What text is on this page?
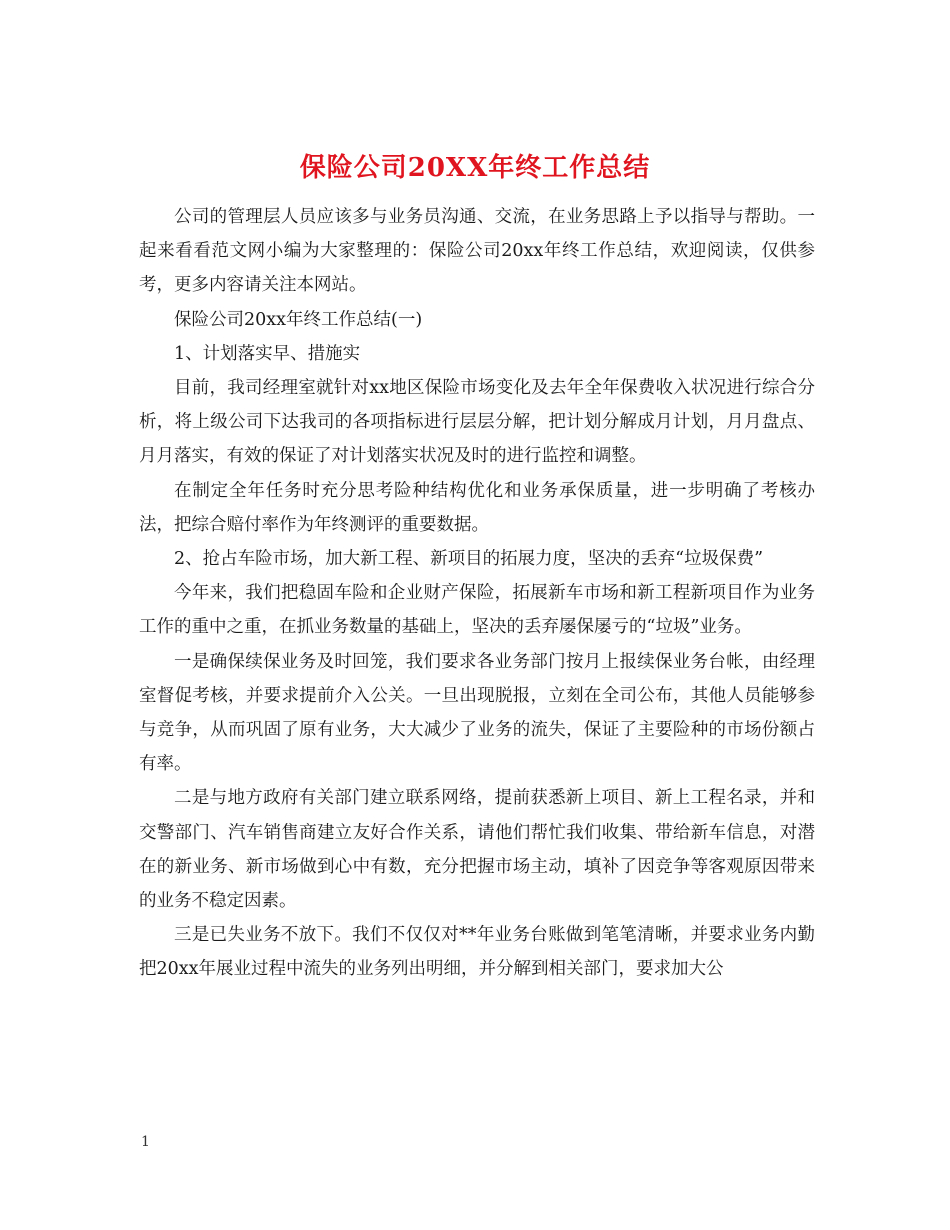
保险公司20XX年终工作总结

公司的管理层人员应该多与业务员沟通、交流，在业务思路上予以指导与帮助。一起来看看范文网小编为大家整理的：保险公司20xx年终工作总结，欢迎阅读，仅供参考，更多内容请关注本网站。

保险公司20xx年终工作总结(一)

1、计划落实早、措施实

目前，我司经理室就针对xx地区保险市场变化及去年全年保费收入状况进行综合分析，将上级公司下达我司的各项指标进行层层分解，把计划分解成月计划，月月盘点、月月落实，有效的保证了对计划落实状况及时的进行监控和调整。

在制定全年任务时充分思考险种结构优化和业务承保质量，进一步明确了考核办法，把综合赔付率作为年终测评的重要数据。

2、抢占车险市场，加大新工程、新项目的拓展力度，坚决的丢弃“垃圾保费”

今年来，我们把稳固车险和企业财产保险，拓展新车市场和新工程新项目作为业务工作的重中之重，在抓业务数量的基础上，坚决的丢弃屡保屡亏的“垃圾”业务。

一是确保续保业务及时回笼，我们要求各业务部门按月上报续保业务台帐，由经理室督促考核，并要求提前介入公关。一旦出现脱报，立刻在全司公布，其他人员能够参与竞争，从而巩固了原有业务，大大减少了业务的流失，保证了主要险种的市场份额占有率。

二是与地方政府有关部门建立联系网络，提前获悉新上项目、新上工程名录，并和交警部门、汽车销售商建立友好合作关系，请他们帮忙我们收集、带给新车信息，对潜在的新业务、新市场做到心中有数，充分把握市场主动，填补了因竞争等客观原因带来的业务不稳定因素。

三是已失业务不放下。我们不仅仅对**年业务台账做到笔笔清晰，并要求业务内勤把20xx年展业过程中流失的业务列出明细，并分解到相关部门，要求加大公

1
